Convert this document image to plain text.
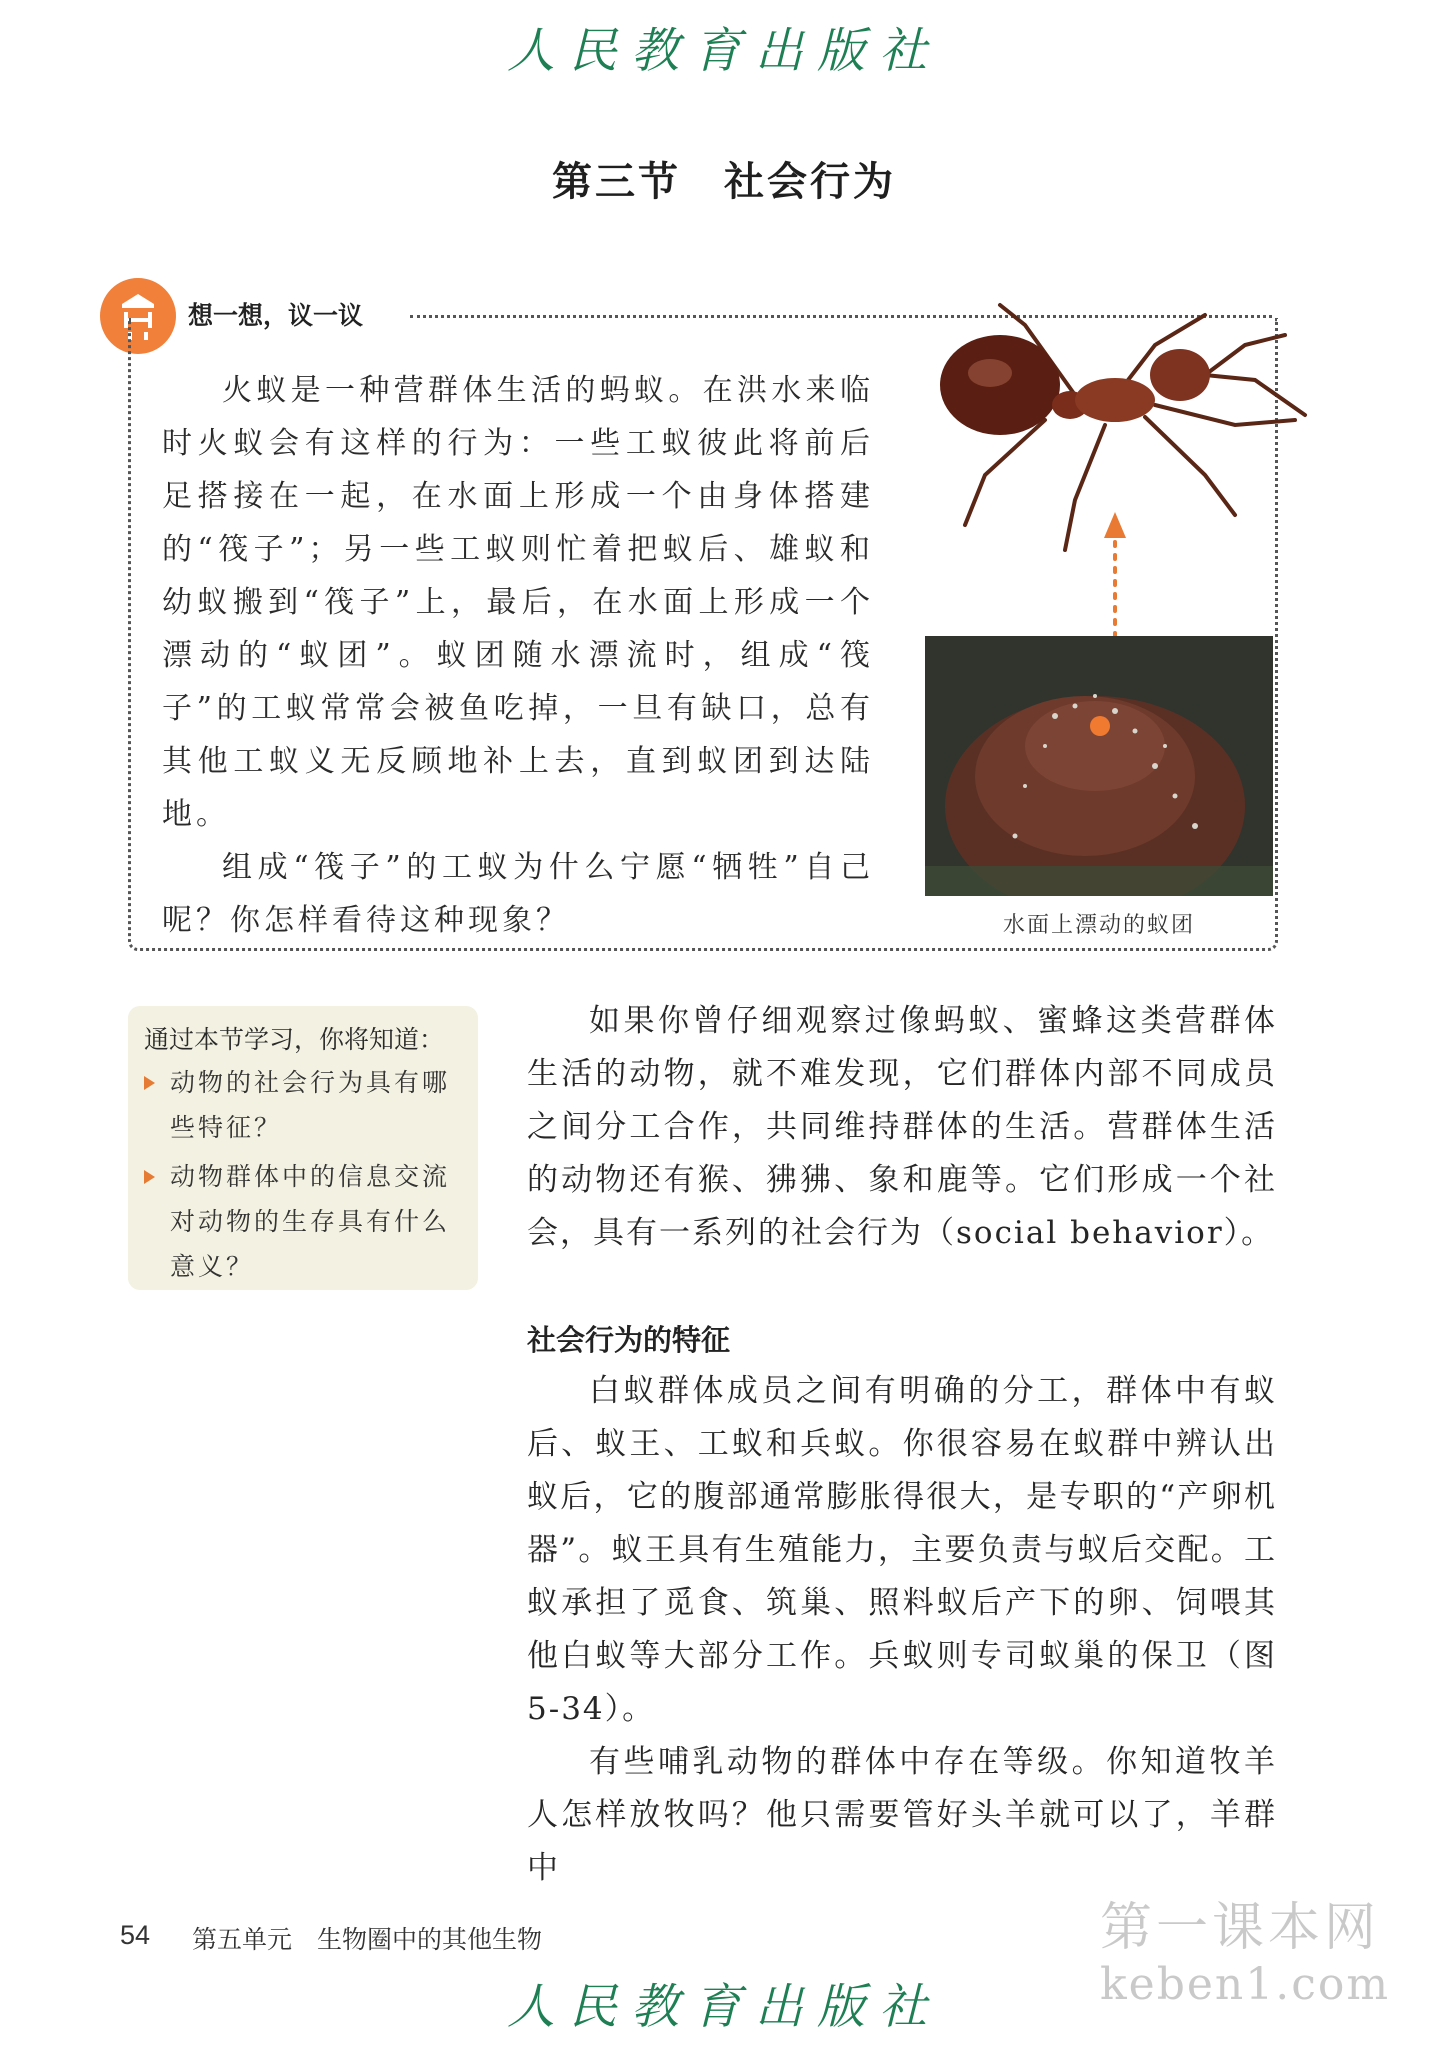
人民教育出版社
第三节　社会行为
想一想，议一议

火蚁是一种营群体生活的蚂蚁。在洪水来临时火蚁会有这样的行为：一些工蚁彼此将前后足搭接在一起，在水面上形成一个由身体搭建的“筏子”；另一些工蚁则忙着把蚁后、雄蚁和幼蚁搬到“筏子”上，最后，在水面上形成一个漂动的“蚁团”。蚁团随水漂流时，组成“筏子”的工蚁常常会被鱼吃掉，一旦有缺口，总有其他工蚁义无反顾地补上去，直到蚁团到达陆地。

组成“筏子”的工蚁为什么宁愿“牺牲”自己呢？你怎样看待这种现象？	水面上漂动的蚁团
通过本节学习，你将知道：
动物的社会行为具有哪些特征？
动物群体中的信息交流对动物的生存具有什么意义？

如果你曾仔细观察过像蚂蚁、蜜蜂这类营群体生活的动物，就不难发现，它们群体内部不同成员之间分工合作，共同维持群体的生活。营群体生活的动物还有猴、狒狒、象和鹿等。它们形成一个社会，具有一系列的社会行为（social behavior）。

社会行为的特征

白蚁群体成员之间有明确的分工，群体中有蚁后、蚁王、工蚁和兵蚁。你很容易在蚁群中辨认出蚁后，它的腹部通常膨胀得很大，是专职的“产卵机器”。蚁王具有生殖能力，主要负责与蚁后交配。工蚁承担了觅食、筑巢、照料蚁后产下的卵、饲喂其他白蚁等大部分工作。兵蚁则专司蚁巢的保卫（图5-34）。

有些哺乳动物的群体中存在等级。你知道牧羊人怎样放牧吗？他只需要管好头羊就可以了，羊群中

54 第五单元　生物圈中的其他生物	第一课本网
keben1.com
人民教育出版社
